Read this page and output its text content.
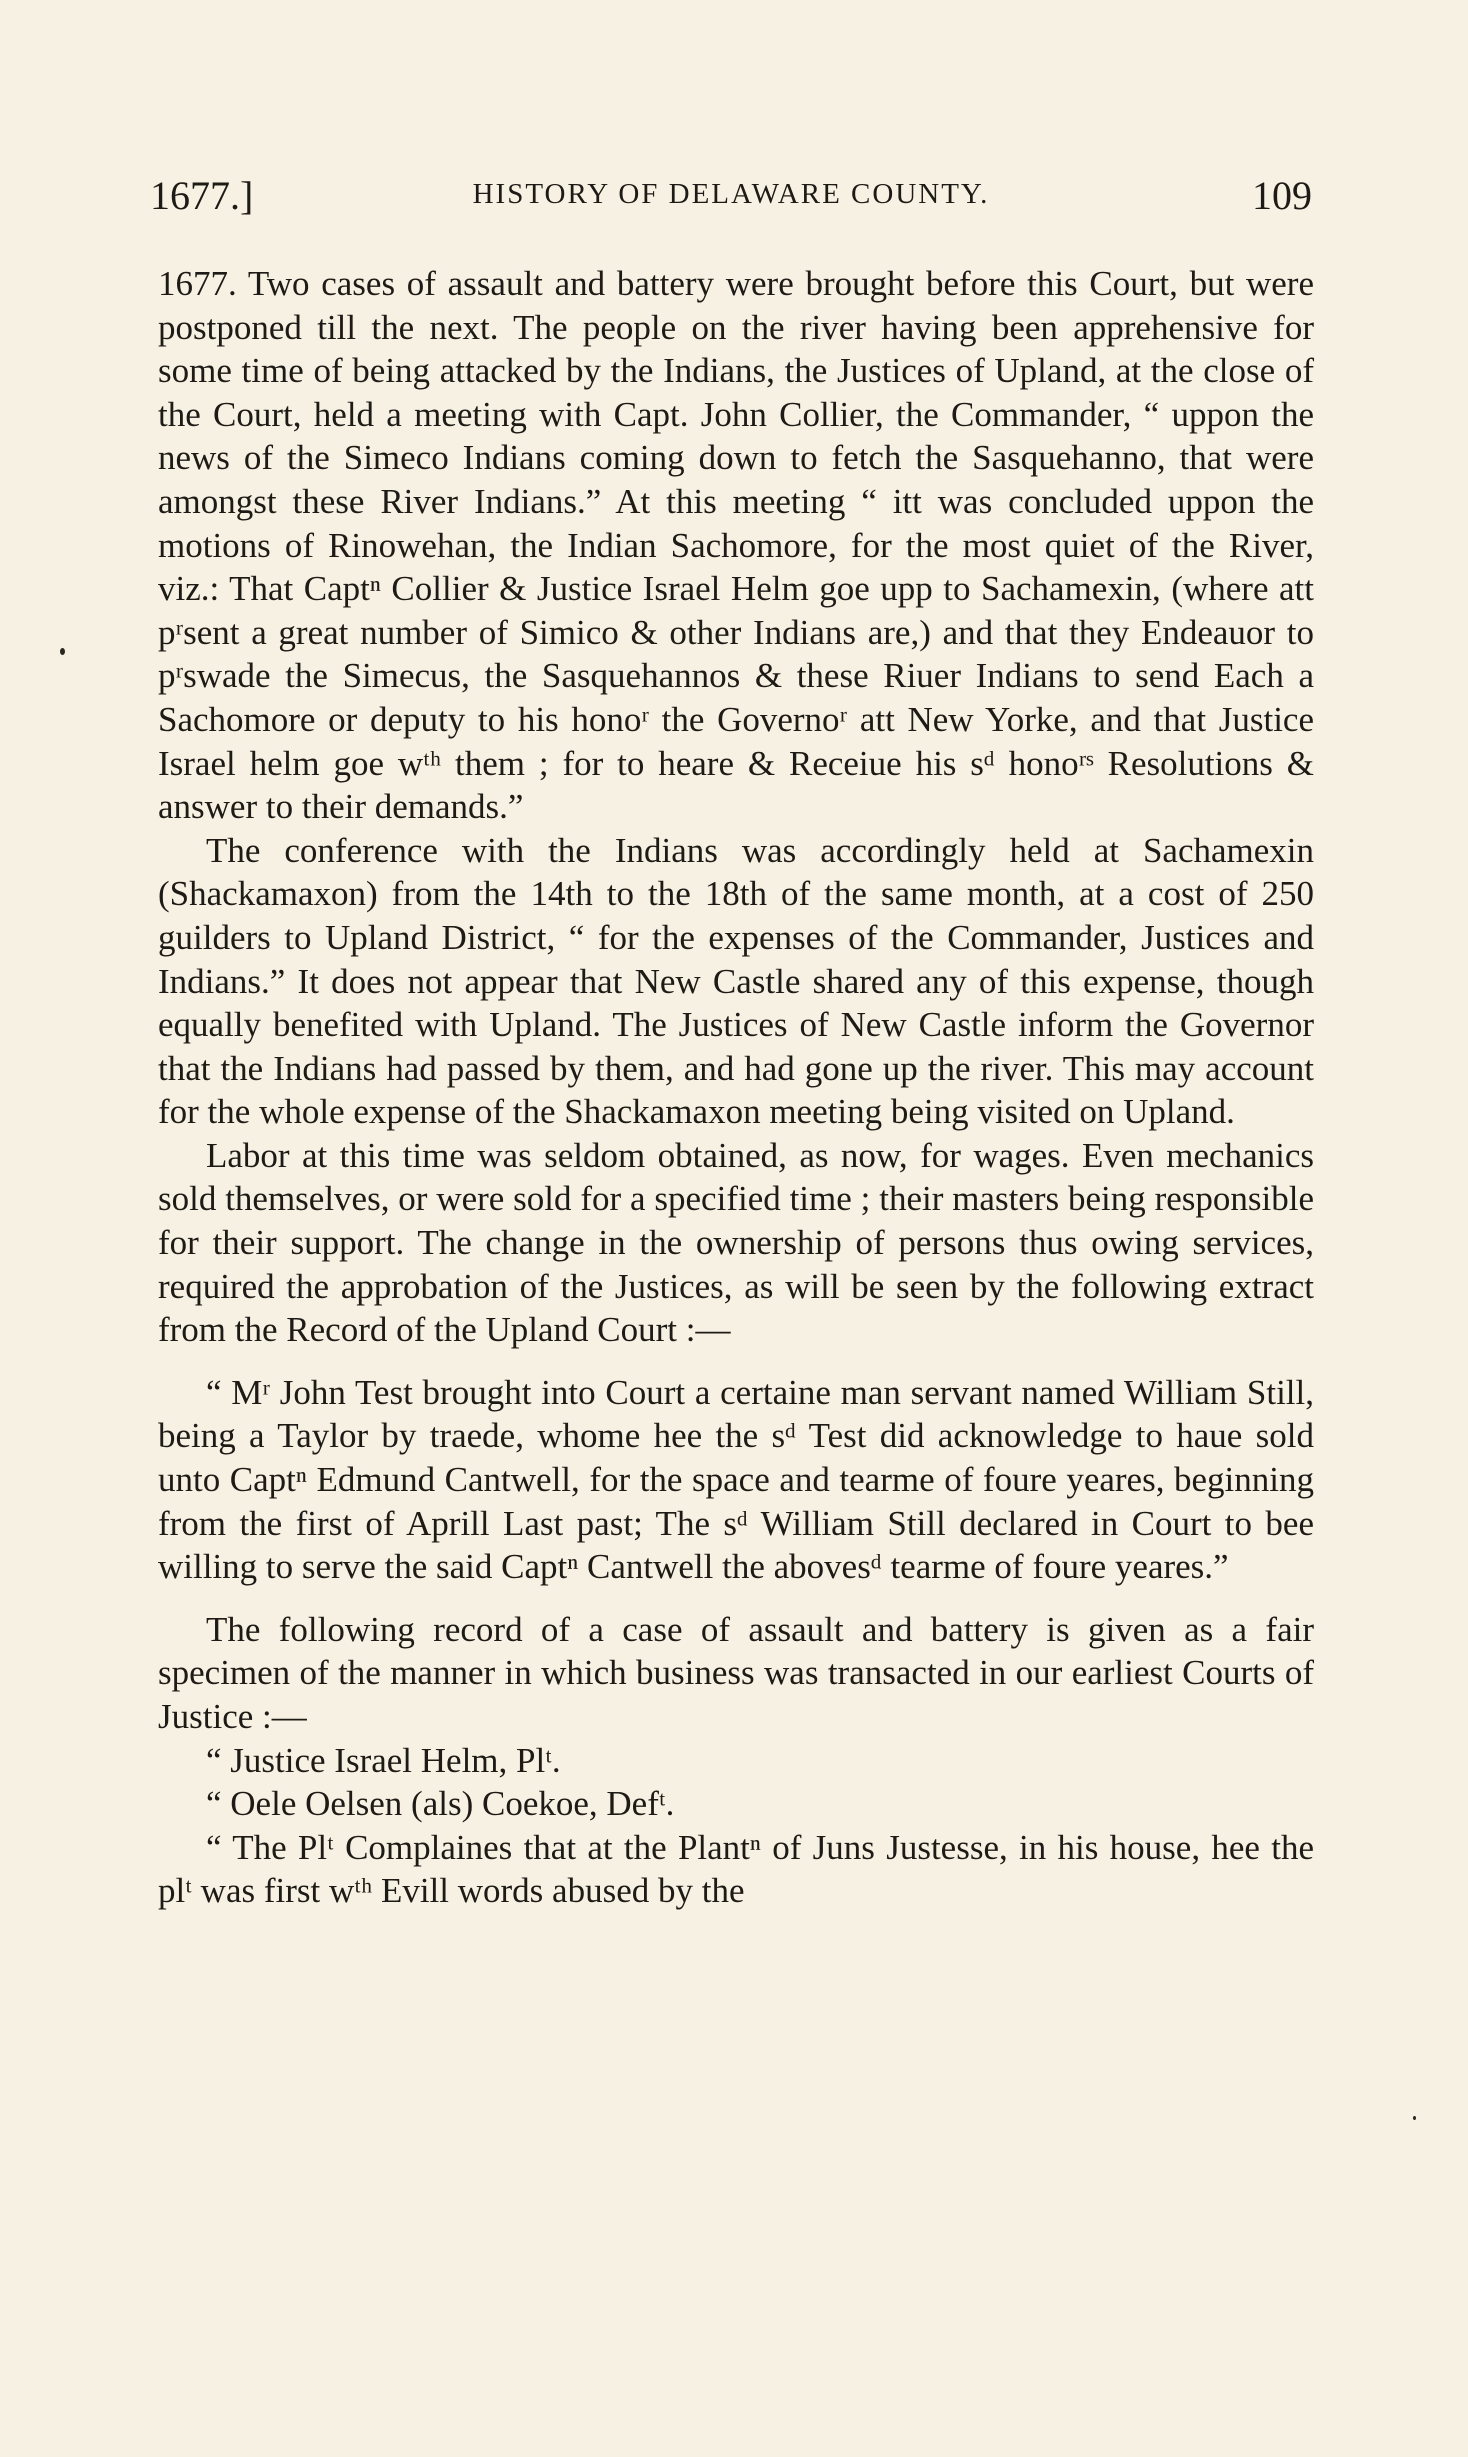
1677.]	HISTORY OF DELAWARE COUNTY.	109

1677. Two cases of assault and battery were brought before this Court, but were postponed till the next. The people on the river having been apprehensive for some time of being attacked by the Indians, the Justices of Upland, at the close of the Court, held a meeting with Capt. John Collier, the Commander, “ uppon the news of the Simeco Indians coming down to fetch the Sasquehanno, that were amongst these River Indians.” At this meeting “ itt was concluded uppon the motions of Rinowehan, the Indian Sachomore, for the most quiet of the River, viz.: That Captⁿ Collier & Justice Israel Helm goe upp to Sachamexin, (where att pʳsent a great number of Simico & other Indians are,) and that they Endeauor to pʳswade the Simecus, the Sasquehannos & these Riuer Indians to send Each a Sachomore or deputy to his honoʳ the Governoʳ att New Yorke, and that Justice Israel helm goe wᵗʰ them ; for to heare & Receiue his sᵈ honoʳˢ Resolutions & answer to their demands.”

The conference with the Indians was accordingly held at Sachamexin (Shackamaxon) from the 14th to the 18th of the same month, at a cost of 250 guilders to Upland District, “ for the expenses of the Commander, Justices and Indians.” It does not appear that New Castle shared any of this expense, though equally benefited with Upland. The Justices of New Castle inform the Governor that the Indians had passed by them, and had gone up the river. This may account for the whole expense of the Shackamaxon meeting being visited on Upland.

Labor at this time was seldom obtained, as now, for wages. Even mechanics sold themselves, or were sold for a specified time ; their masters being responsible for their support. The change in the ownership of persons thus owing services, required the approbation of the Justices, as will be seen by the following extract from the Record of the Upland Court :—

“ Mʳ John Test brought into Court a certaine man servant named William Still, being a Taylor by traede, whome hee the sᵈ Test did acknowledge to haue sold unto Captⁿ Edmund Cantwell, for the space and tearme of foure yeares, beginning from the first of Aprill Last past; The sᵈ William Still declared in Court to bee willing to serve the said Captⁿ Cantwell the abovesᵈ tearme of foure yeares.”

The following record of a case of assault and battery is given as a fair specimen of the manner in which business was transacted in our earliest Courts of Justice :—

“ Justice Israel Helm, Plᵗ.

“ Oele Oelsen (als) Coekoe, Defᵗ.

“ The Plᵗ Complaines that at the Plantⁿ of Juns Justesse, in his house, hee the plᵗ was first wᵗʰ Evill words abused by the
